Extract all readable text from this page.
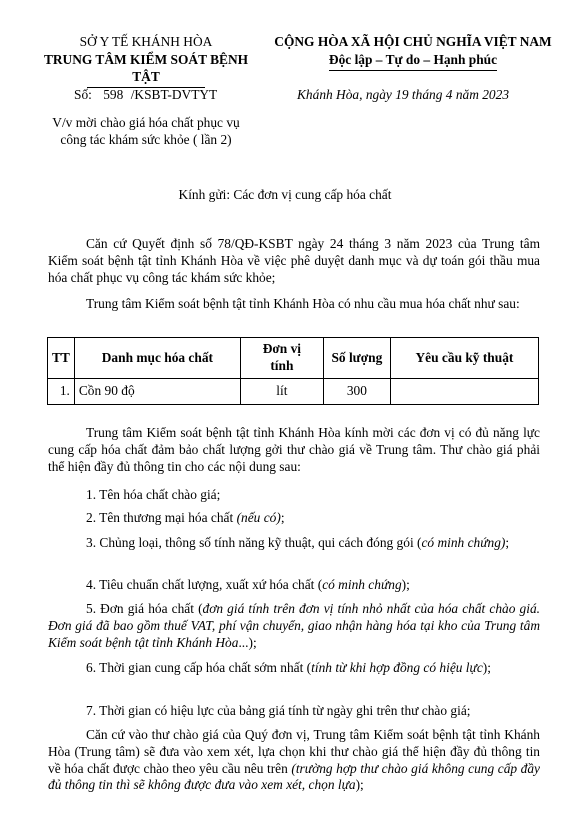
SỞ Y TẾ KHÁNH HÒA
TRUNG TÂM KIỂM SOÁT BỆNH TẬT
Số: 598 /KSBT-DVTYT
V/v mời chào giá hóa chất phục vụ
công tác khám sức khỏe ( lần 2)
CỘNG HÒA XÃ HỘI CHỦ NGHĨA VIỆT NAM
Độc lập – Tự do – Hạnh phúc
Khánh Hòa, ngày 19 tháng 4 năm 2023
Kính gửi: Các đơn vị cung cấp hóa chất

Căn cứ Quyết định số 78/QĐ-KSBT ngày 24 tháng 3 năm 2023 của Trung tâm Kiểm soát bệnh tật tỉnh Khánh Hòa về việc phê duyệt danh mục và dự toán gói thầu mua hóa chất phục vụ công tác khám sức khỏe;

Trung tâm Kiểm soát bệnh tật tỉnh Khánh Hòa có nhu cầu mua hóa chất như sau:

TT	Danh mục hóa chất	Đơn vị tính	Số lượng	Yêu cầu kỹ thuật
1.	Cồn 90 độ	lít	300	

Trung tâm Kiểm soát bệnh tật tỉnh Khánh Hòa kính mời các đơn vị có đủ năng lực cung cấp hóa chất đảm bảo chất lượng gởi thư chào giá về Trung tâm. Thư chào giá phải thể hiện đầy đủ thông tin cho các nội dung sau:

1. Tên hóa chất chào giá;

2. Tên thương mại hóa chất (nếu có);

3. Chủng loại, thông số tính năng kỹ thuật, qui cách đóng gói (có minh chứng);

4. Tiêu chuẩn chất lượng, xuất xứ hóa chất (có minh chứng);

5. Đơn giá hóa chất (đơn giá tính trên đơn vị tính nhỏ nhất của hóa chất chào giá. Đơn giá đã bao gồm thuế VAT, phí vận chuyển, giao nhận hàng hóa tại kho của Trung tâm Kiểm soát bệnh tật tỉnh Khánh Hòa...);

6. Thời gian cung cấp hóa chất sớm nhất (tính từ khi hợp đồng có hiệu lực);

7. Thời gian có hiệu lực của bảng giá tính từ ngày ghi trên thư chào giá;

Căn cứ vào thư chào giá của Quý đơn vị, Trung tâm Kiểm soát bệnh tật tỉnh Khánh Hòa (Trung tâm) sẽ đưa vào xem xét, lựa chọn khi thư chào giá thể hiện đầy đủ thông tin về hóa chất được chào theo yêu cầu nêu trên (trường hợp thư chào giá không cung cấp đầy đủ thông tin thì sẽ không được đưa vào xem xét, chọn lựa);
